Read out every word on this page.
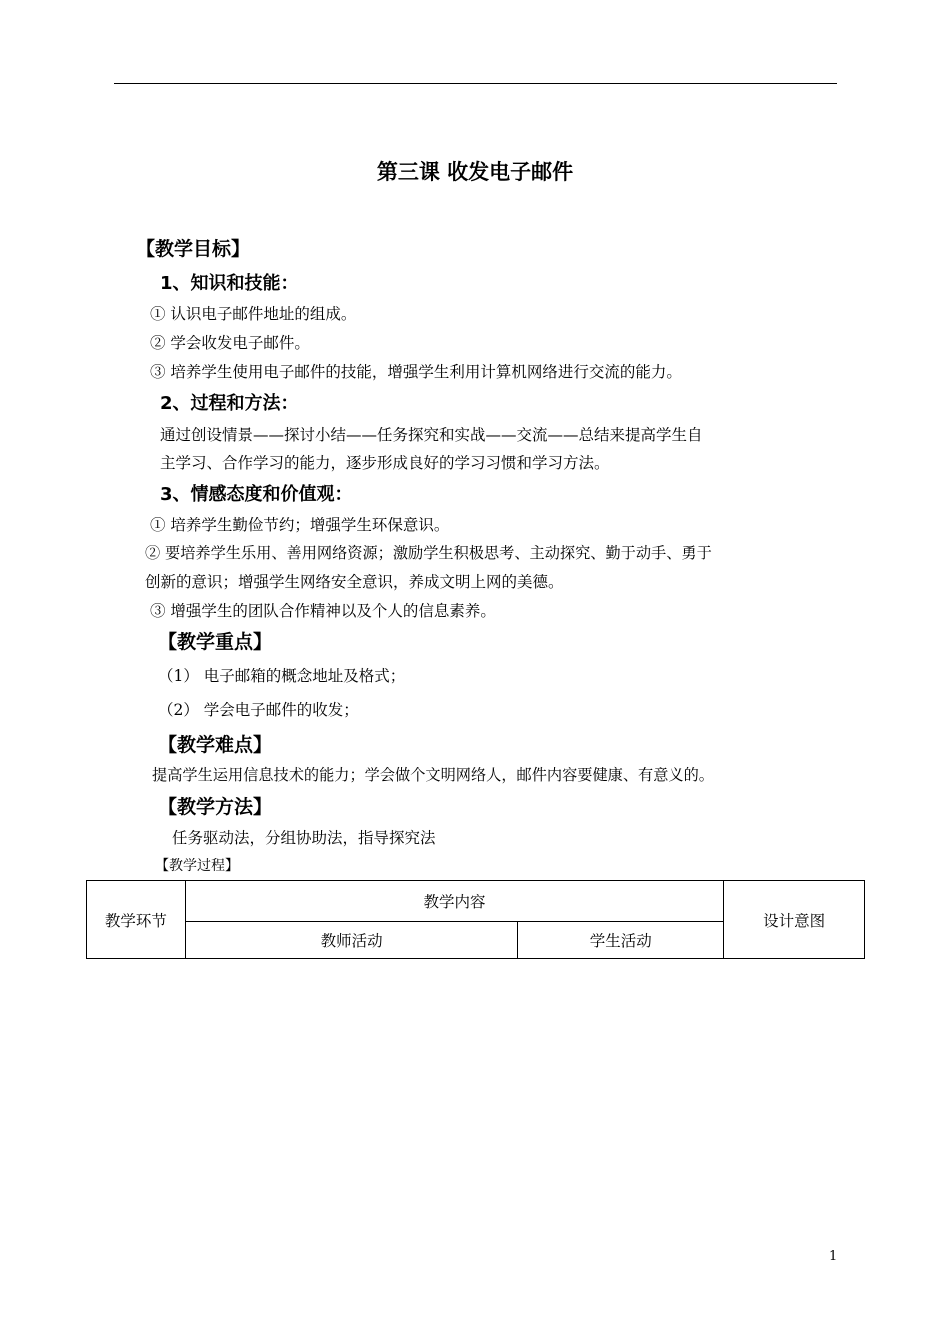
第三课 收发电子邮件
【教学目标】
1、知识和技能：
① 认识电子邮件地址的组成。
② 学会收发电子邮件。
③ 培养学生使用电子邮件的技能，增强学生利用计算机网络进行交流的能力。
2、过程和方法：
通过创设情景——探讨小结——任务探究和实战——交流——总结来提高学生自
主学习、合作学习的能力，逐步形成良好的学习习惯和学习方法。
3、情感态度和价值观：
① 培养学生勤俭节约；增强学生环保意识。
② 要培养学生乐用、善用网络资源；激励学生积极思考、主动探究、勤于动手、勇于
创新的意识；增强学生网络安全意识，养成文明上网的美德。
③ 增强学生的团队合作精神以及个人的信息素养。
【教学重点】
（1） 电子邮箱的概念地址及格式；
（2） 学会电子邮件的收发；
【教学难点】
提高学生运用信息技术的能力；学会做个文明网络人，邮件内容要健康、有意义的。
【教学方法】
任务驱动法，分组协助法，指导探究法
【教学过程】
教学环节	教学内容		设计意图
	教师活动	学生活动	
1
